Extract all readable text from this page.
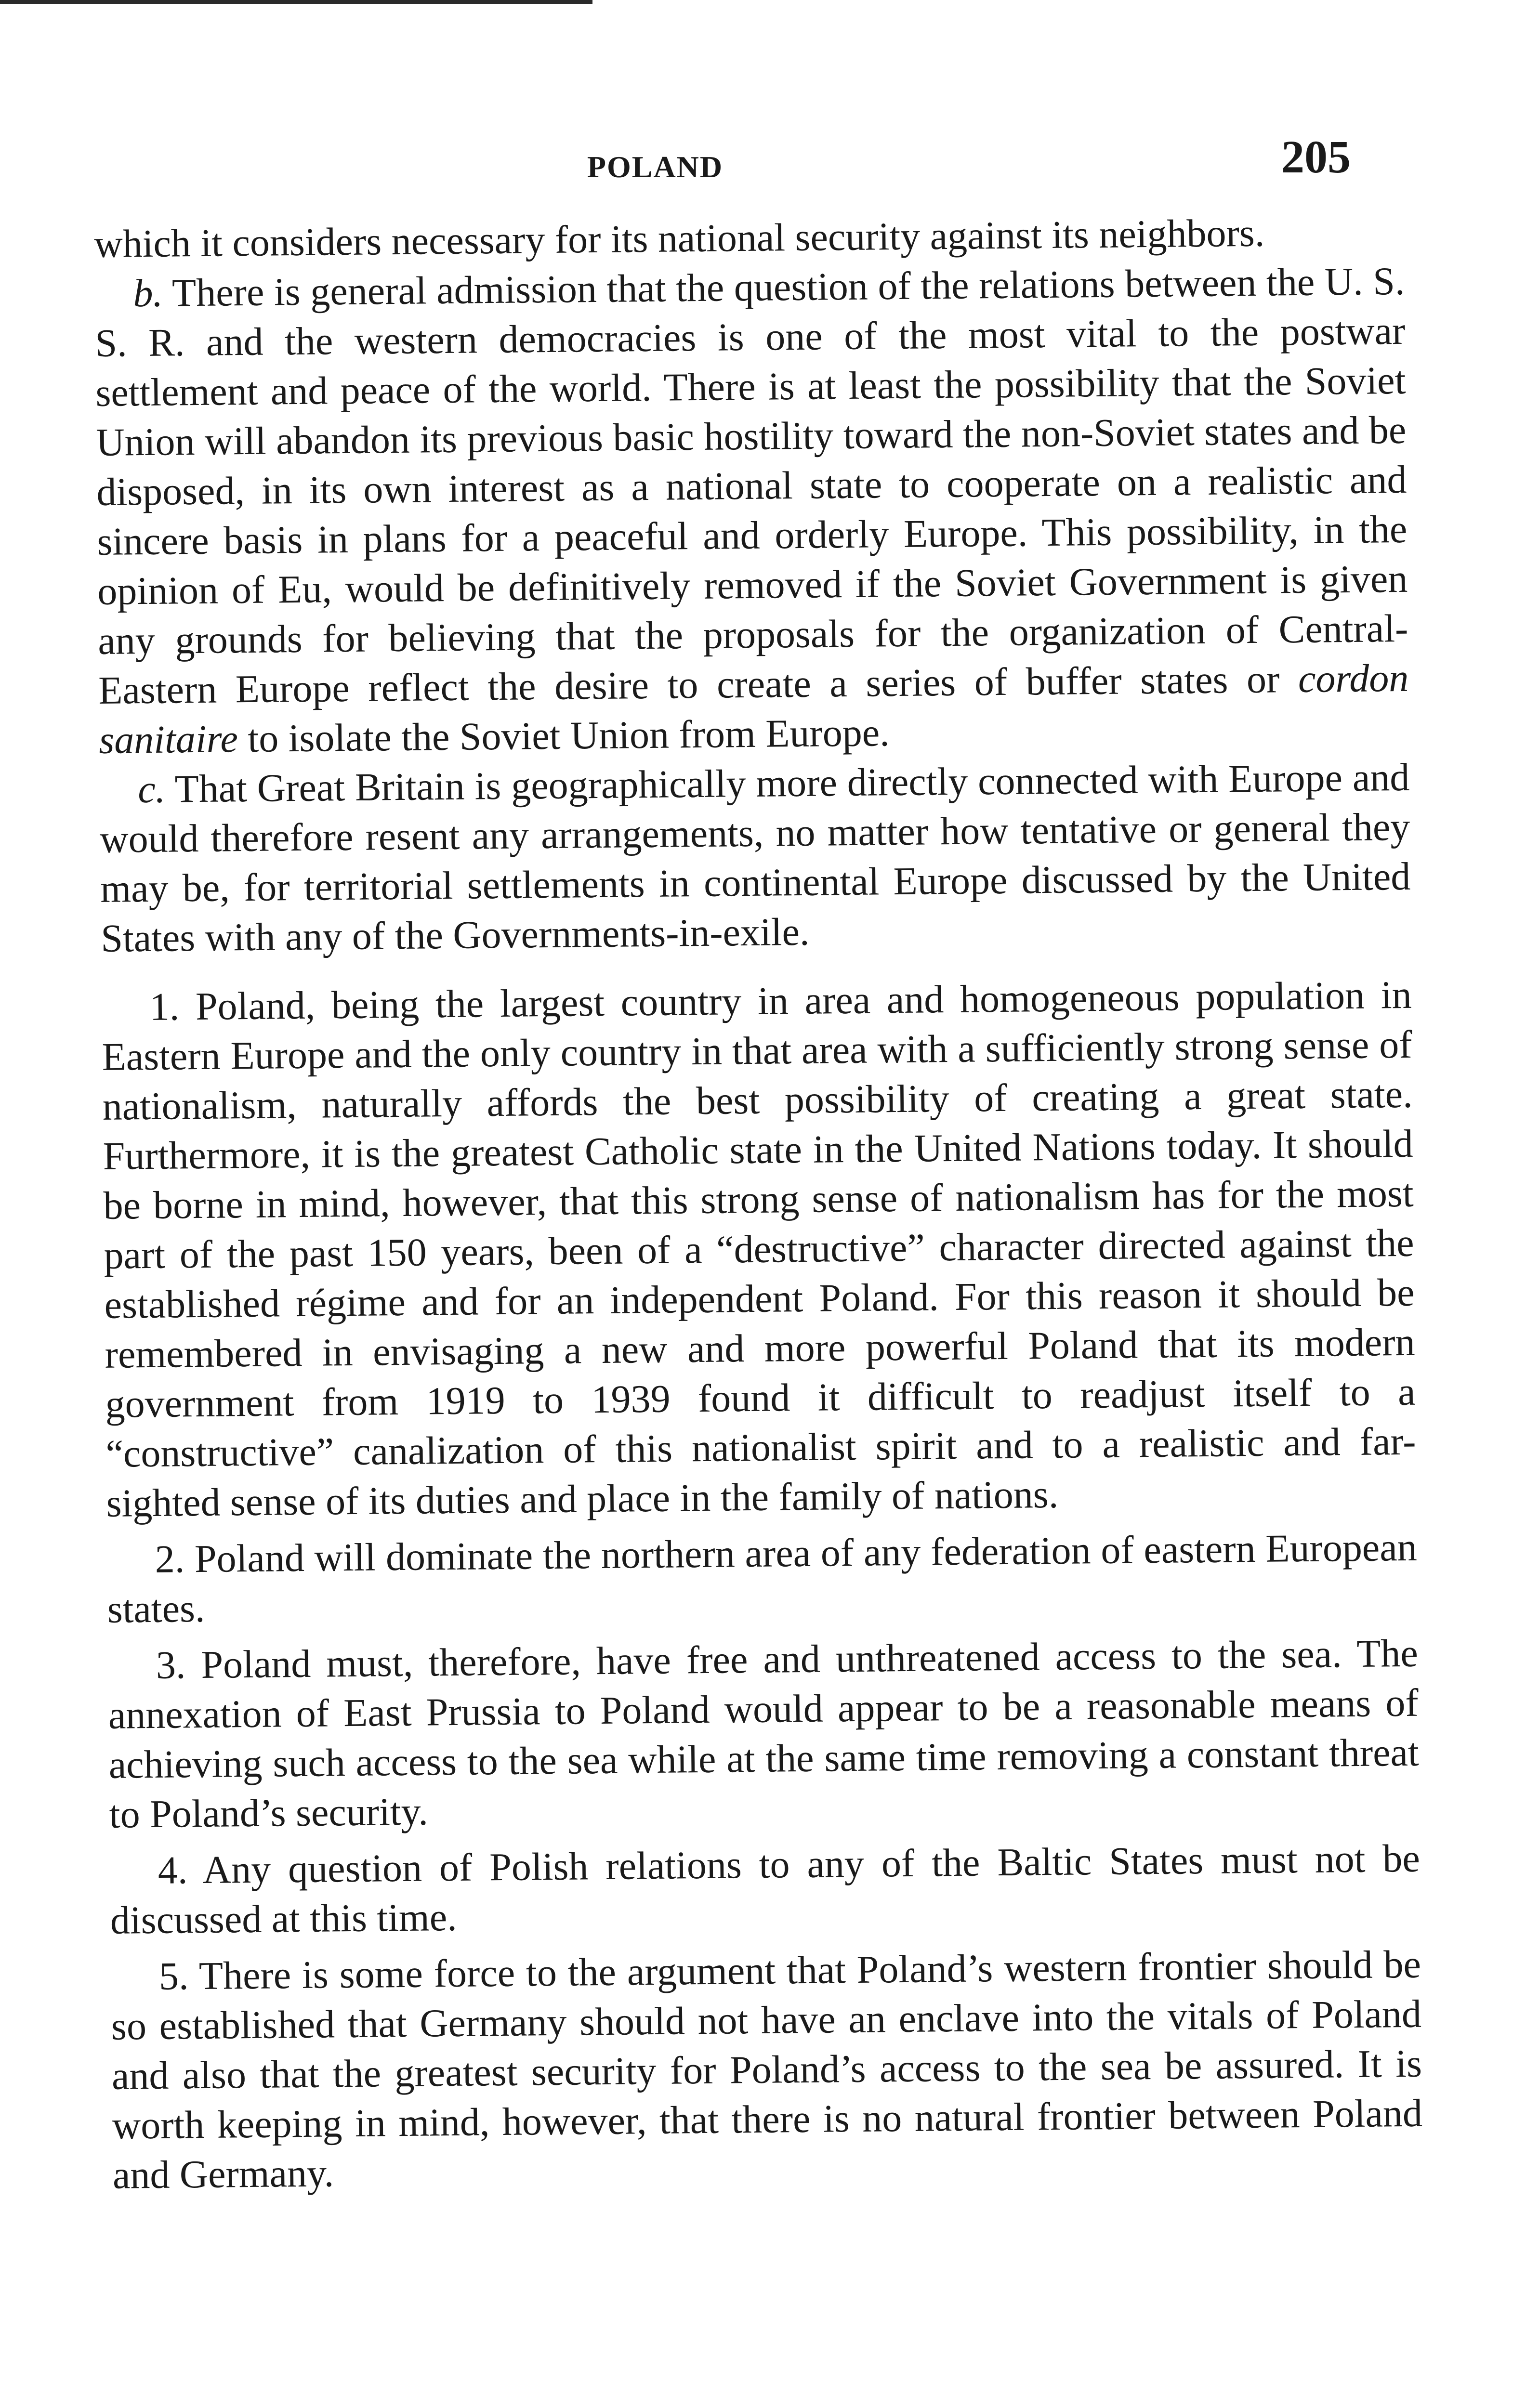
POLAND	205

which it considers necessary for its national security against its neighbors.

b. There is general admission that the question of the relations between the U. S. S. R. and the western democracies is one of the most vital to the postwar settlement and peace of the world. There is at least the possibility that the Soviet Union will abandon its previous basic hostility toward the non-Soviet states and be disposed, in its own interest as a national state to cooperate on a realistic and sincere basis in plans for a peaceful and orderly Europe. This possibility, in the opinion of Eu, would be definitively removed if the Soviet Government is given any grounds for believing that the proposals for the organization of Central-Eastern Europe reflect the desire to create a series of buffer states or cordon sanitaire to isolate the Soviet Union from Europe.

c. That Great Britain is geographically more directly connected with Europe and would therefore resent any arrangements, no matter how tentative or general they may be, for territorial settlements in continental Europe discussed by the United States with any of the Governments-in-exile.

1. Poland, being the largest country in area and homogeneous population in Eastern Europe and the only country in that area with a sufficiently strong sense of nationalism, naturally affords the best possibility of creating a great state. Furthermore, it is the greatest Catholic state in the United Nations today. It should be borne in mind, however, that this strong sense of nationalism has for the most part of the past 150 years, been of a “destructive” character directed against the established régime and for an independent Poland. For this reason it should be remembered in envisaging a new and more powerful Poland that its modern government from 1919 to 1939 found it difficult to readjust itself to a “constructive” canalization of this nationalist spirit and to a realistic and far-sighted sense of its duties and place in the family of nations.

2. Poland will dominate the northern area of any federation of eastern European states.

3. Poland must, therefore, have free and unthreatened access to the sea. The annexation of East Prussia to Poland would appear to be a reasonable means of achieving such access to the sea while at the same time removing a constant threat to Poland’s security.

4. Any question of Polish relations to any of the Baltic States must not be discussed at this time.

5. There is some force to the argument that Poland’s western frontier should be so established that Germany should not have an enclave into the vitals of Poland and also that the greatest security for Poland’s access to the sea be assured. It is worth keeping in mind, however, that there is no natural frontier between Poland and Germany.
